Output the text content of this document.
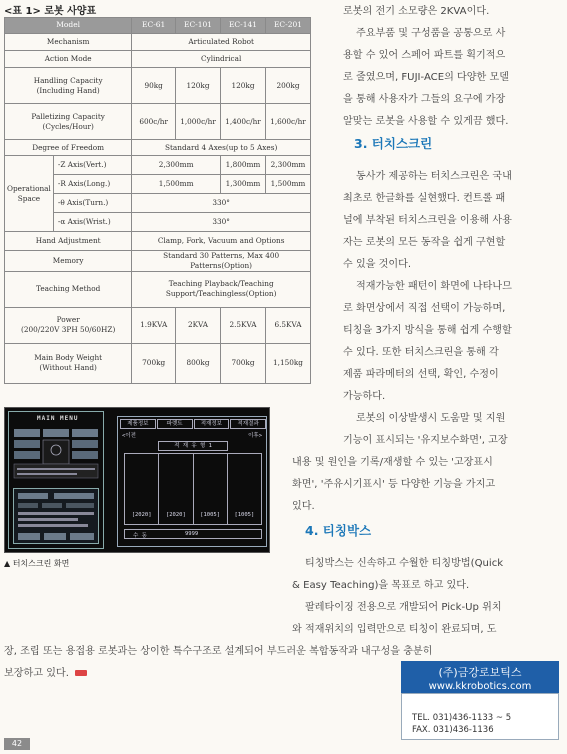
<표 1> 로봇 사양표
Model		EC-61	EC-101	EC-141	EC-201
Mechanism		Articulated Robot			
Action Mode		Cylindrical			

Handling Capacity
(Including Hand)		90kg	120kg	120kg	200kg

Palletizing Capacity
(Cycles/Hour)		600c/hr	1,000c/hr	1,400c/hr	1,600c/hr
Degree of Freedom		Standard 4 Axes(up to 5 Axes)			

Operational
Space	-Z Axis(Vert.)	2,300mm		1,800mm	2,300mm
	-R Axis(Long.)	1,500mm		1,300mm	1,500mm
	-θ Axis(Turn.)	330°			
	-α Axis(Wrist.)	330°			
Hand Adjustment		Clamp, Fork, Vacuum and Options			
Memory		Standard 30 Patterns, Max 400 Patterns(Option)			
Teaching Method		Teaching Playback/Teaching
Support/Teachingless(Option)			

Power
(200/220V 3PH 50/60HZ)		1.9KVA	2KVA	2.5KVA	6.5KVA

Main Body Weight
(Without Hand)		700kg	800kg	700kg	1,150kg
로봇의 전기 소모량은 2KVA이다.
주요부품 및 구성품을 공통으로 사
용할 수 있어 스페어 파트를 획기적으
로 줄였으며, FUJI-ACE의 다양한 모델
을 통해 사용자가 그들의 요구에 가장
알맞는 로봇을 사용할 수 있게끔 했다.
3. 터치스크린
동사가 제공하는 터치스크린은 국내
최초로 한글화를 실현했다. 컨트롤 패
널에 부착된 터치스크린을 이용해 사용
자는 로봇의 모든 동작을 쉽게 구현할
수 있을 것이다.
적재가능한 패턴이 화면에 나타나므
로 화면상에서 직접 선택이 가능하며,
티칭을 3가지 방식을 통해 쉽게 수행할
수 있다. 또한 터치스크린을 통해 각
제품 파라메터의 선택, 확인, 수정이
가능하다.
로봇의 이상발생시 도움말 및 지원
기능이 표시되는 '유지보수화면', 고장
내용 및 원인을 기록/재생할 수 있는 '고장표시
화면', '주유시기표시' 등 다양한 기능을 가지고
있다.
4. 티칭박스
티칭박스는 신속하고 수월한 티칭방법(Quick
& Easy Teaching)을 목표로 하고 있다.
팔레타이징 전용으로 개발되어 Pick-Up 위치
와 적재위치의 입력만으로 티칭이 완료되며, 도
장, 조립 또는 용접용 로봇과는 상이한 특수구조로 설계되어 부드러운 복합동작과 내구성을 충분히
보장하고 있다.
MAIN MENU
제품정보	파렛트	적재정보	적재결과
<이전	이후>
적 재 유 형 1
[2020]	[2020]	[1005]	[1005]
수 동	9999
▲ 터치스크린 화면
(주)금강로보틱스
www.kkrobotics.com
TEL. 031)436-1133 ~ 5
FAX. 031)436-1136
42
